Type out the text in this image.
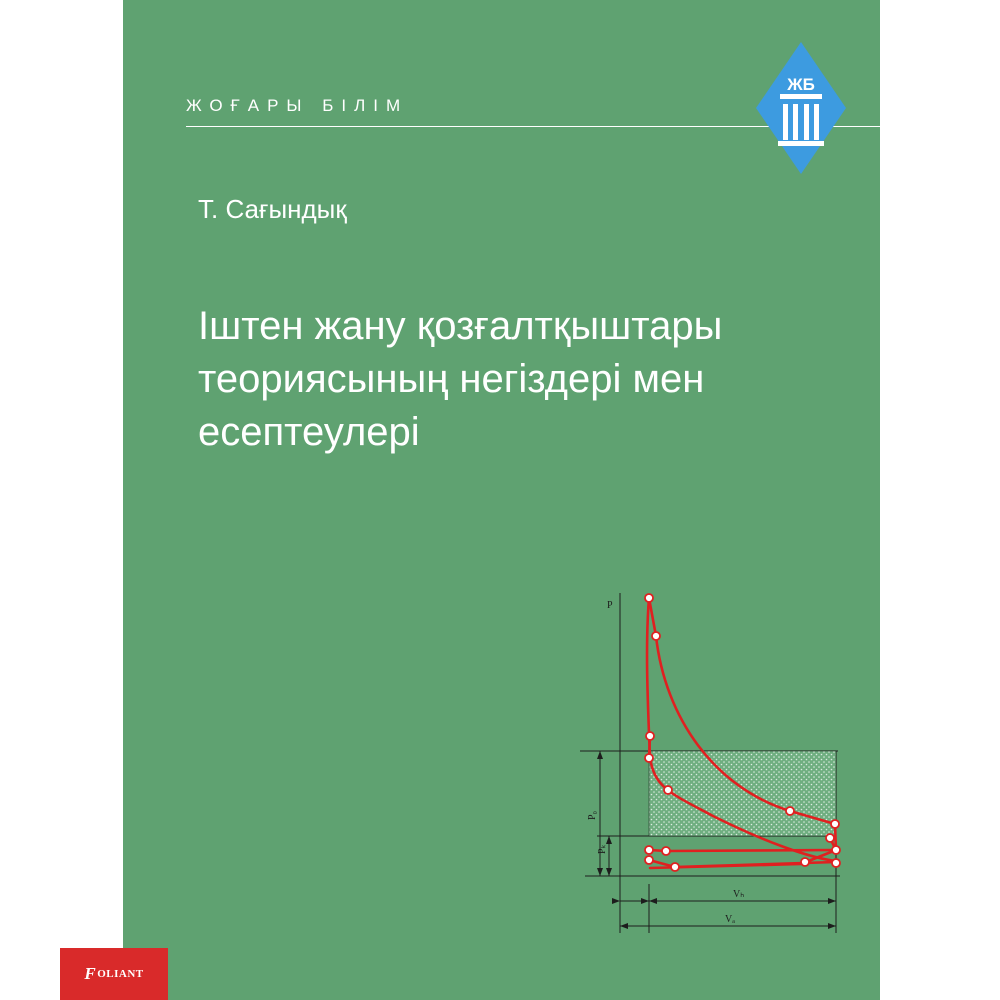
ЖОҒАРЫ БІЛІМ
ЖБ
Т. Сағындық
Іштен жану қозғалтқыштары
теориясының негіздері мен
есептеулері
P
P₀
Pₖ
Vₕ
Vₐ
F OLIANT
